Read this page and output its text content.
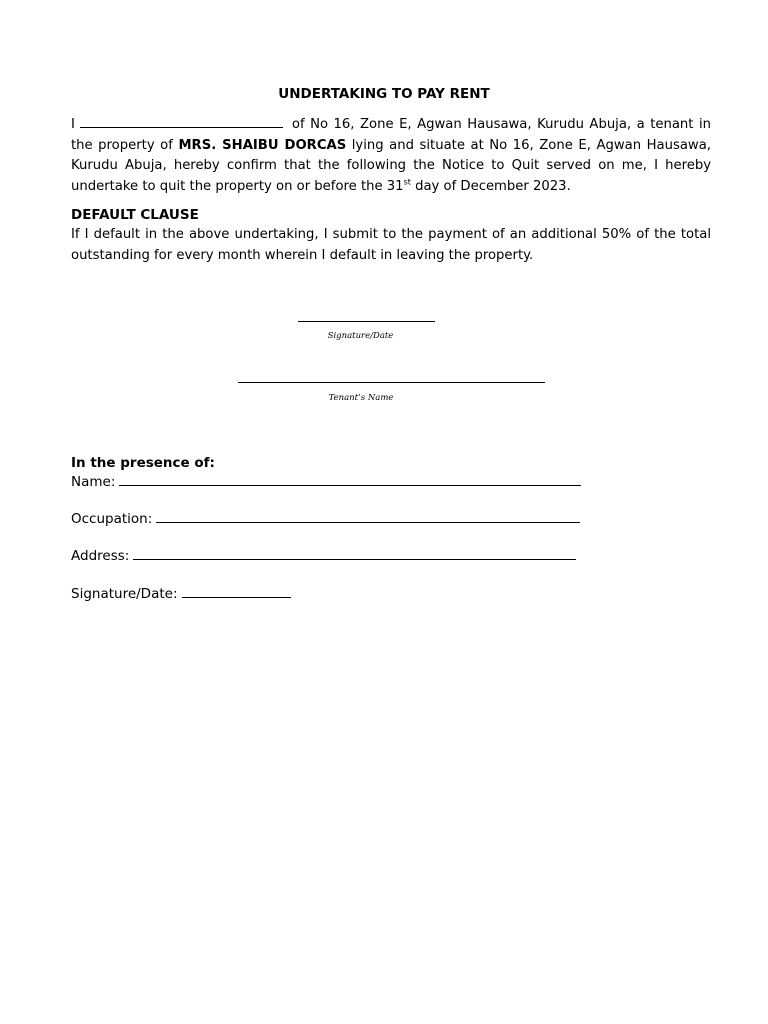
UNDERTAKING TO PAY RENT

I	of No 16, Zone E, Agwan Hausawa, Kurudu Abuja, a tenant in the property of MRS. SHAIBU DORCAS lying and situate at No 16, Zone E, Agwan Hausawa, Kurudu Abuja, hereby confirm that the following the Notice to Quit served on me, I hereby undertake to quit the property on or before the 31st day of December 2023.

DEFAULT CLAUSE

If I default in the above undertaking, I submit to the payment of an additional 50% of the total outstanding for every month wherein I default in leaving the property.

Signature/Date
Tenant’s Name
In the presence of:
Name:
Occupation:
Address:
Signature/Date:
